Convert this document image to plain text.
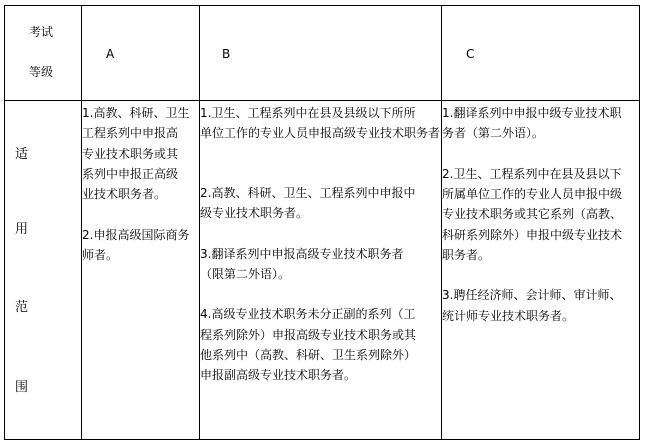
考试
等级
A	B	C
适
用
范
围

1.高教、科研、卫生

工程系列中申报高

专业技术职务或其

系列中申报正高级

业技术职务者。

2.申报高级国际商务

师者。

1.卫生、工程系列中在县及县级以下所所

单位工作的专业人员申报高级专业技术职务者

2.高教、科研、卫生、工程系列中申报中

级专业技术职务者。

3.翻译系列中申报高级专业技术职务者

（限第二外语）。

4.高级专业技术职务未分正副的系列（工

程系列除外）申报高级专业技术职务或其

他系列中（高教、科研、卫生系列除外）

申报副高级专业技术职务者。

1.翻译系列中申报中级专业技术职

务者（第二外语）。

2.卫生、工程系列中在县及县以下

所属单位工作的专业人员申报中级

专业技术职务或其它系列（高教、

科研系列除外）申报中级专业技术

职务者。

3.聘任经济师、会计师、审计师、

统计师专业技术职务者。
